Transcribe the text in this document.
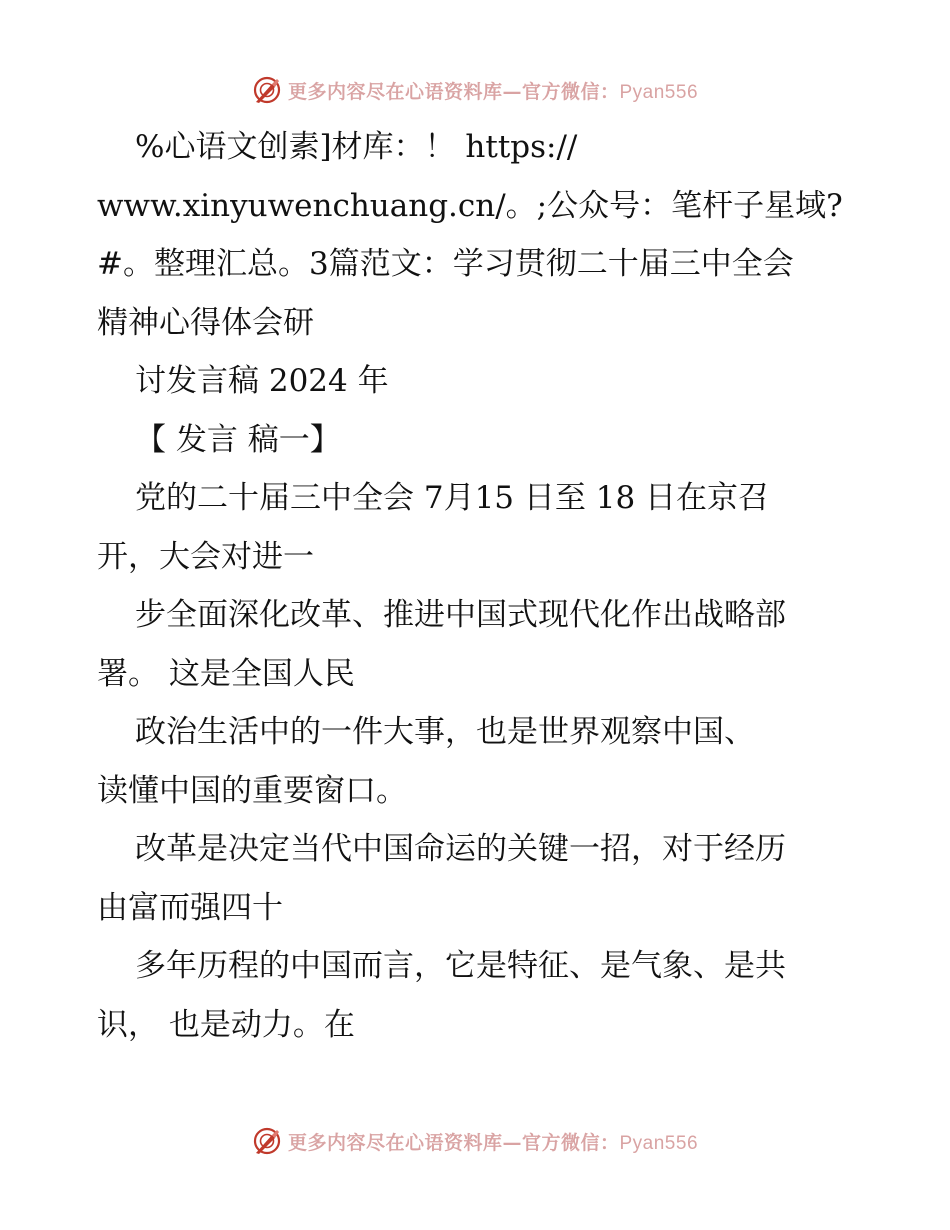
更多内容尽在心语资料库—官方微信：Pyan556
%心语文创素]材库：！ https://
www.xinyuwenchuang.cn/。;公众号：笔杆子星域?
#。整理汇总。3篇范文：学习贯彻二十届三中全会
精神心得体会研
讨发言稿 2024 年
【 发言 稿一】
党的二十届三中全会 7月15 日至 18 日在京召
开，大会对进一
步全面深化改革、推进中国式现代化作出战略部
署。 这是全国人民
政治生活中的一件大事，也是世界观察中国、
读懂中国的重要窗口。
改革是决定当代中国命运的关键一招，对于经历
由富而强四十
多年历程的中国而言，它是特征、是气象、是共
识， 也是动力。在
更多内容尽在心语资料库—官方微信：Pyan556
